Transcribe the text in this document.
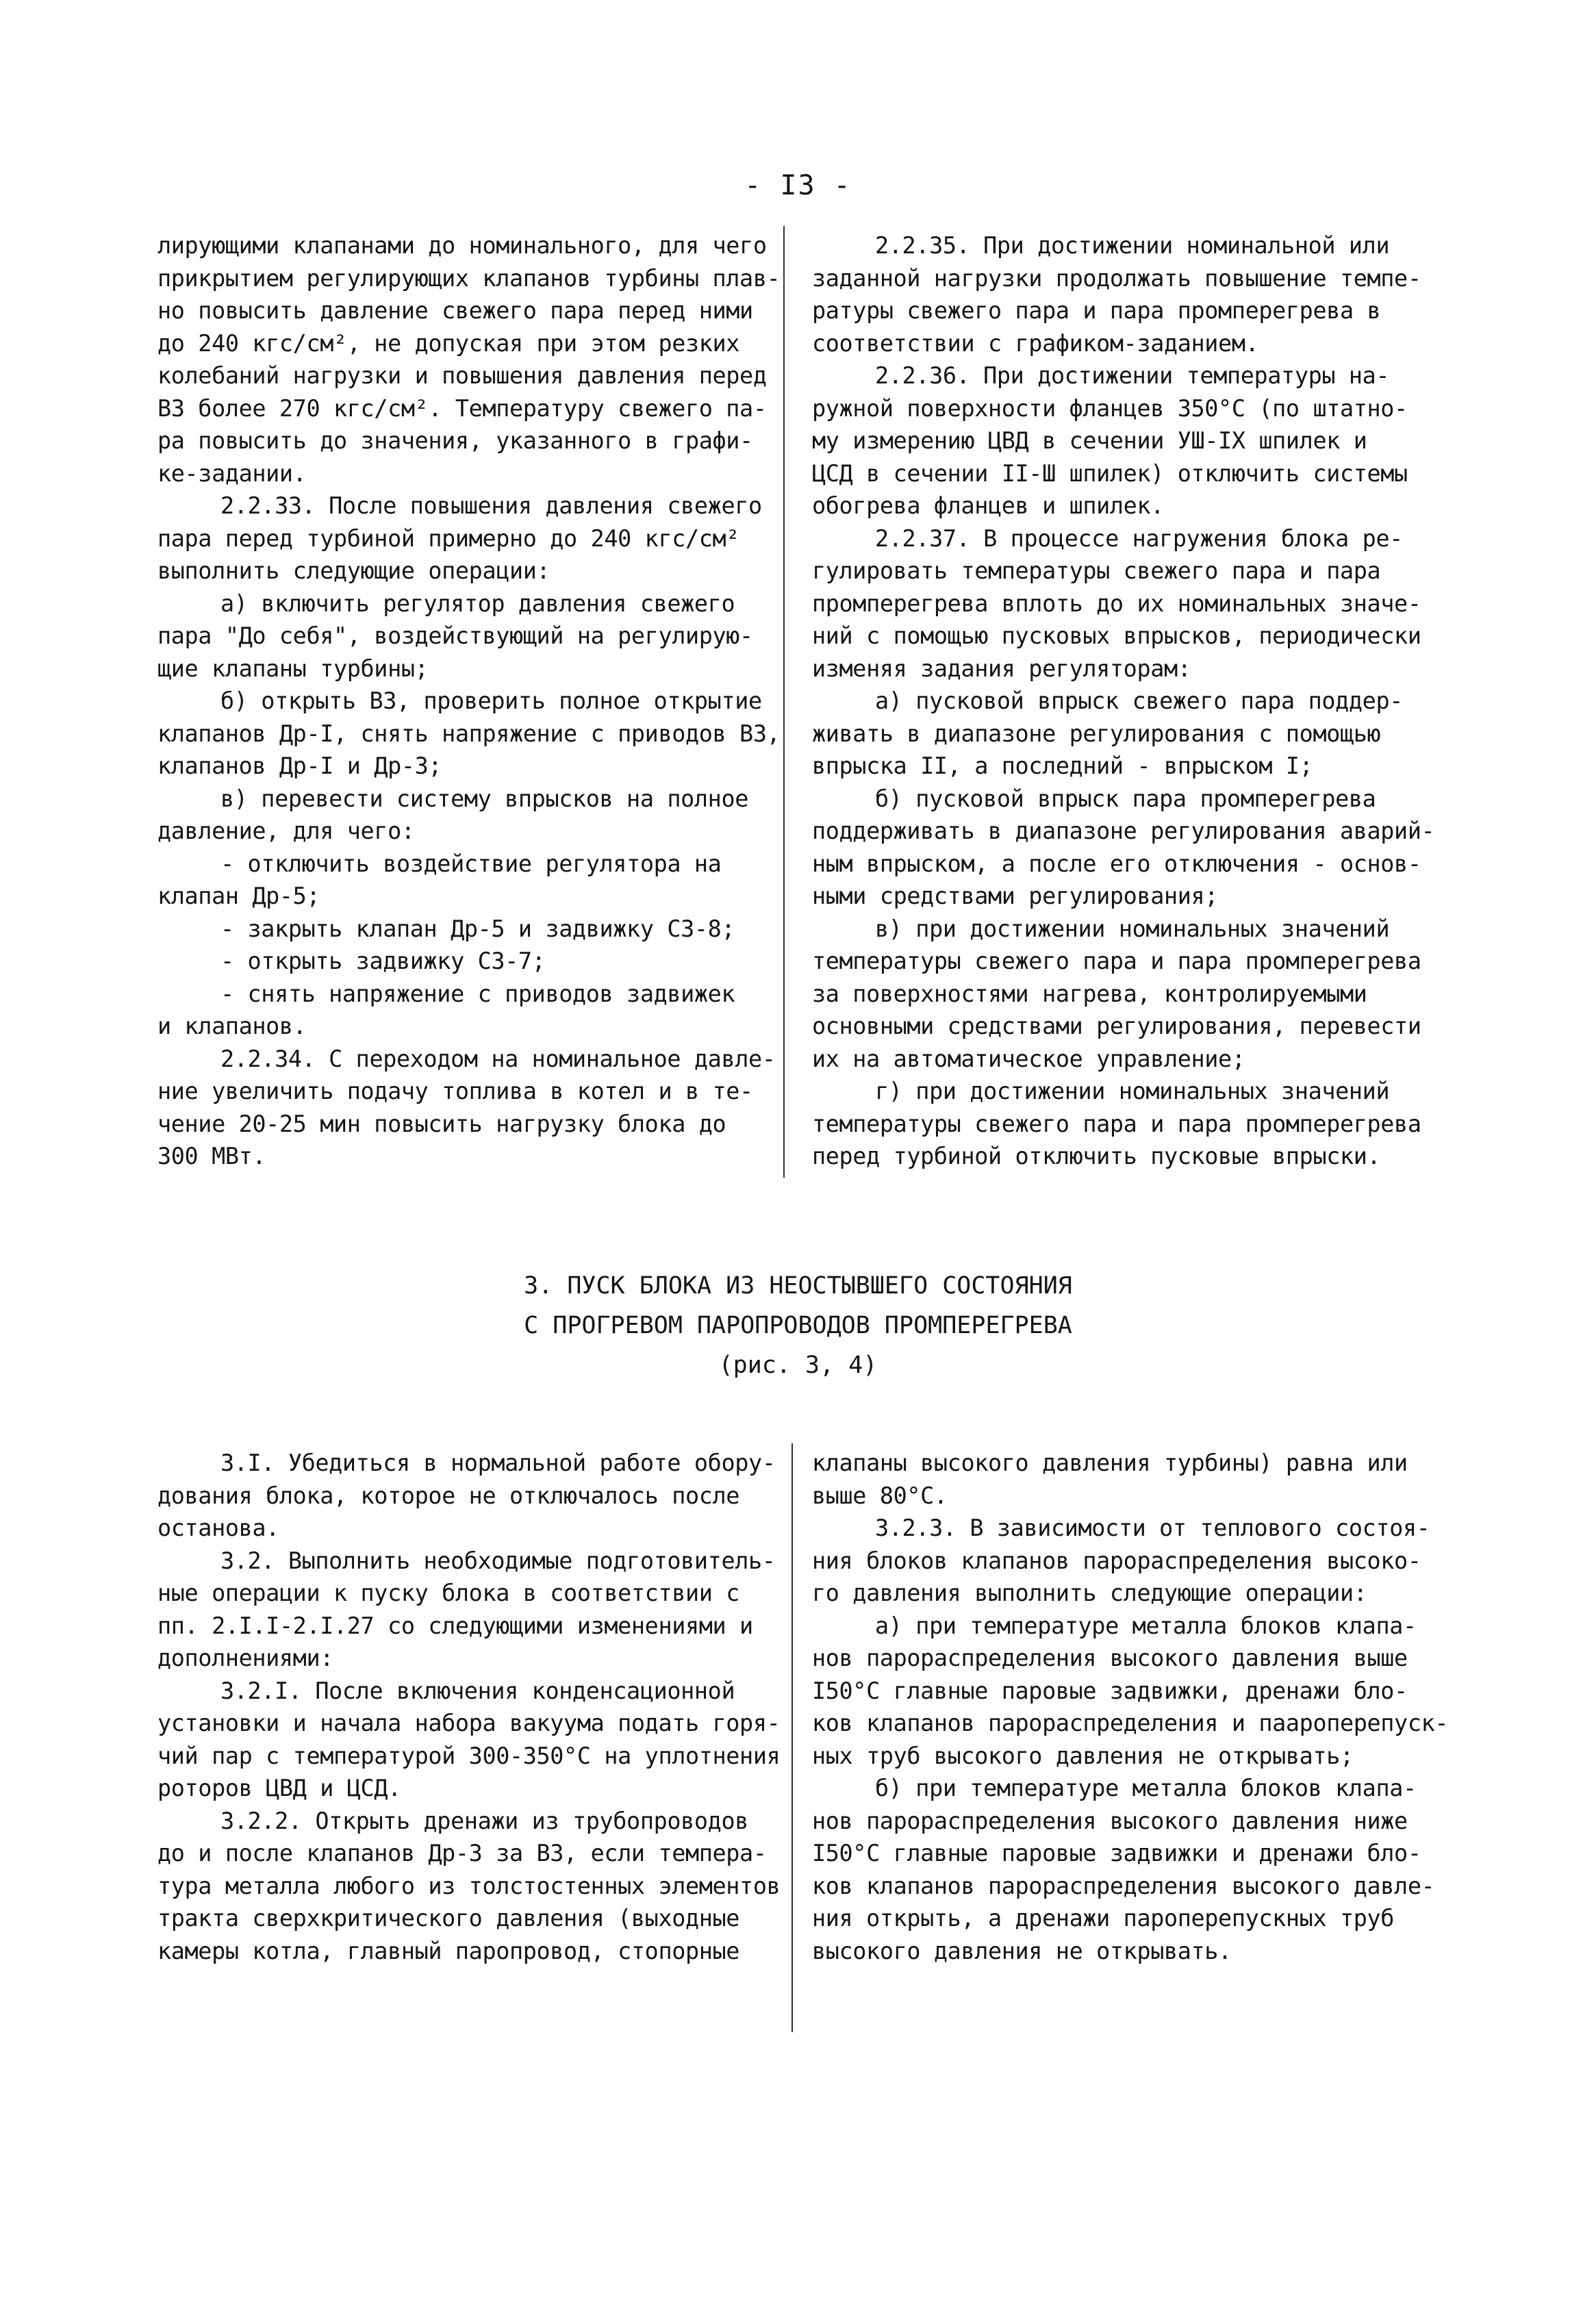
- I3 -
лирующими клапанами до номинального, для чего
прикрытием регулирующих клапанов турбины плав-
но повысить давление свежего пара перед ними
до 240 кгс/см², не допуская при этом резких
колебаний нагрузки и повышения давления перед
ВЗ более 270 кгс/см². Температуру свежего па-
ра повысить до значения, указанного в графи-
ке-задании.
2.2.33. После повышения давления свежего
пара перед турбиной примерно до 240 кгс/см²
выполнить следующие операции:
а) включить регулятор давления свежего
пара "До себя", воздействующий на регулирую-
щие клапаны турбины;
б) открыть ВЗ, проверить полное открытие
клапанов Др-I, снять напряжение с приводов ВЗ,
клапанов Др-I и Др-3;
в) перевести систему впрысков на полное
давление, для чего:
- отключить воздействие регулятора на
клапан Др-5;
- закрыть клапан Др-5 и задвижку СЗ-8;
- открыть задвижку СЗ-7;
- снять напряжение с приводов задвижек
и клапанов.
2.2.34. С переходом на номинальное давле-
ние увеличить подачу топлива в котел и в те-
чение 20-25 мин повысить нагрузку блока до
300 МВт.
2.2.35. При достижении номинальной или
заданной нагрузки продолжать повышение темпе-
ратуры свежего пара и пара промперегрева в
соответствии с графиком-заданием.
2.2.36. При достижении температуры на-
ружной поверхности фланцев 350°С (по штатно-
му измерению ЦВД в сечении УШ-IX шпилек и
ЦСД в сечении II-Ш шпилек) отключить системы
обогрева фланцев и шпилек.
2.2.37. В процессе нагружения блока ре-
гулировать температуры свежего пара и пара
промперегрева вплоть до их номинальных значе-
ний с помощью пусковых впрысков, периодически
изменяя задания регуляторам:
а) пусковой впрыск свежего пара поддер-
живать в диапазоне регулирования с помощью
впрыска II, а последний - впрыском I;
б) пусковой впрыск пара промперегрева
поддерживать в диапазоне регулирования аварий-
ным впрыском, а после его отключения - основ-
ными средствами регулирования;
в) при достижении номинальных значений
температуры свежего пара и пара промперегрева
за поверхностями нагрева, контролируемыми
основными средствами регулирования, перевести
их на автоматическое управление;
г) при достижении номинальных значений
температуры свежего пара и пара промперегрева
перед турбиной отключить пусковые впрыски.
3. ПУСК БЛОКА ИЗ НЕОСТЫВШЕГО СОСТОЯНИЯ
С ПРОГРЕВОМ ПАРОПРОВОДОВ ПРОМПЕРЕГРЕВА
(рис. 3, 4)
3.I. Убедиться в нормальной работе обору-
дования блока, которое не отключалось после
останова.
3.2. Выполнить необходимые подготовитель-
ные операции к пуску блока в соответствии с
пп. 2.I.I-2.I.27 со следующими изменениями и
дополнениями:
3.2.I. После включения конденсационной
установки и начала набора вакуума подать горя-
чий пар с температурой 300-350°С на уплотнения
роторов ЦВД и ЦСД.
3.2.2. Открыть дренажи из трубопроводов
до и после клапанов Др-3 за ВЗ, если темпера-
тура металла любого из толстостенных элементов
тракта сверхкритического давления (выходные
камеры котла, главный паропровод, стопорные
клапаны высокого давления турбины) равна или
выше 80°С.
3.2.3. В зависимости от теплового состоя-
ния блоков клапанов парораспределения высоко-
го давления выполнить следующие операции:
а) при температуре металла блоков клапа-
нов парораспределения высокого давления выше
I50°С главные паровые задвижки, дренажи бло-
ков клапанов парораспределения и паароперепуск-
ных труб высокого давления не открывать;
б) при температуре металла блоков клапа-
нов парораспределения высокого давления ниже
I50°С главные паровые задвижки и дренажи бло-
ков клапанов парораспределения высокого давле-
ния открыть, а дренажи пароперепускных труб
высокого давления не открывать.
